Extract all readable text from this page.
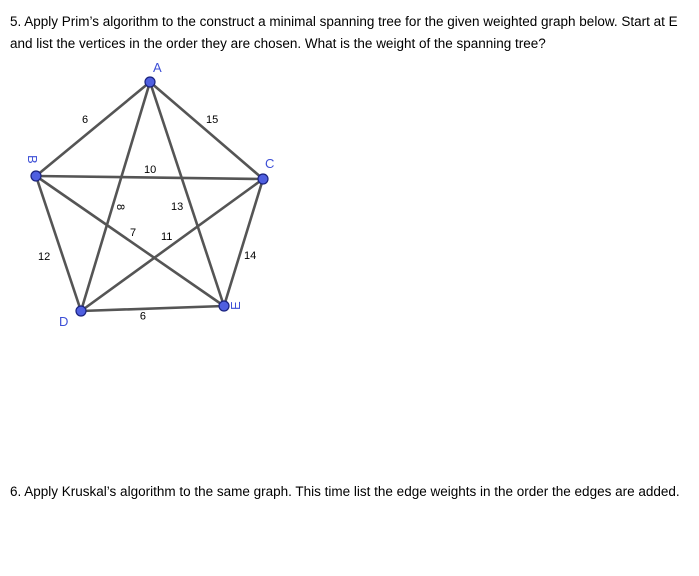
5. Apply Prim’s algorithm to the construct a minimal spanning tree for the given weighted graph below. Start at E and list the vertices in the order they are chosen. What is the weight of the spanning tree?

6	15
10
8	13
7 11
12	14
9
A
B	C
D
E

6. Apply Kruskal’s algorithm to the same graph. This time list the edge weights in the order the edges are added.
